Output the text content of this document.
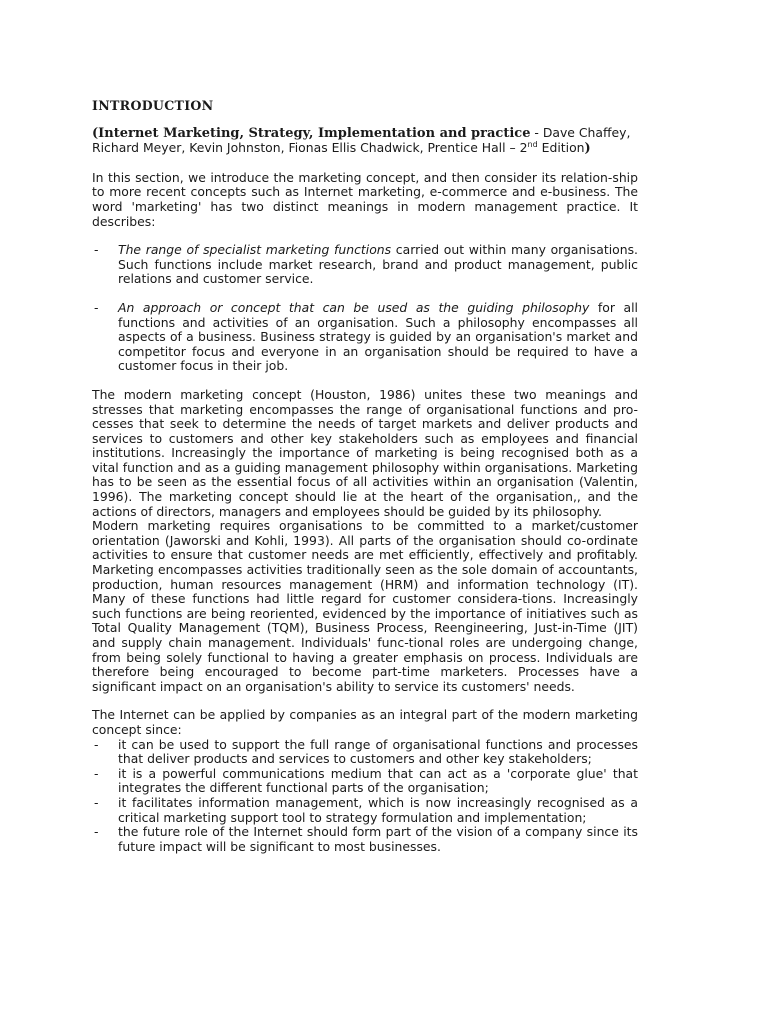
INTRODUCTION
(Internet Marketing, Strategy, Implementation and practice - Dave Chaffey, Richard Meyer, Kevin Johnston, Fionas Ellis Chadwick, Prentice Hall – 2nd Edition)

In this section, we introduce the marketing concept, and then consider its relation-ship to more recent concepts such as Internet marketing, e-commerce and e-business. The word 'marketing' has two distinct meanings in modern management practice. It describes:

- The range of specialist marketing functions carried out within many organisations. Such functions include market research, brand and product management, public relations and customer service.
- An approach or concept that can be used as the guiding philosophy for all functions and activities of an organisation. Such a philosophy encompasses all aspects of a business. Business strategy is guided by an organisation's market and competitor focus and everyone in an organisation should be required to have a customer focus in their job.

The modern marketing concept (Houston, 1986) unites these two meanings and stresses that marketing encompasses the range of organisational functions and pro-cesses that seek to determine the needs of target markets and deliver products and services to customers and other key stakeholders such as employees and financial institutions. Increasingly the importance of marketing is being recognised both as a vital function and as a guiding management philosophy within organisations. Marketing has to be seen as the essential focus of all activities within an organisation (Valentin, 1996). The marketing concept should lie at the heart of the organisation,, and the actions of directors, managers and employees should be guided by its philosophy.

Modern marketing requires organisations to be committed to a market/customer orientation (Jaworski and Kohli, 1993). All parts of the organisation should co-ordinate activities to ensure that customer needs are met efficiently, effectively and profitably. Marketing encompasses activities traditionally seen as the sole domain of accountants, production, human resources management (HRM) and information technology (IT). Many of these functions had little regard for customer considera-tions. Increasingly such functions are being reoriented, evidenced by the importance of initiatives such as Total Quality Management (TQM), Business Process, Reengineering, Just-in-Time (JIT) and supply chain management. Individuals' func-tional roles are undergoing change, from being solely functional to having a greater emphasis on process. Individuals are therefore being encouraged to become part-time marketers. Processes have a significant impact on an organisation's ability to service its customers' needs.

The Internet can be applied by companies as an integral part of the modern marketing concept since:

- it can be used to support the full range of organisational functions and processes that deliver products and services to customers and other key stakeholders;
- it is a powerful communications medium that can act as a 'corporate glue' that integrates the different functional parts of the organisation;
- it facilitates information management, which is now increasingly recognised as a critical marketing support tool to strategy formulation and implementation;
- the future role of the Internet should form part of the vision of a company since its future impact will be significant to most businesses.
